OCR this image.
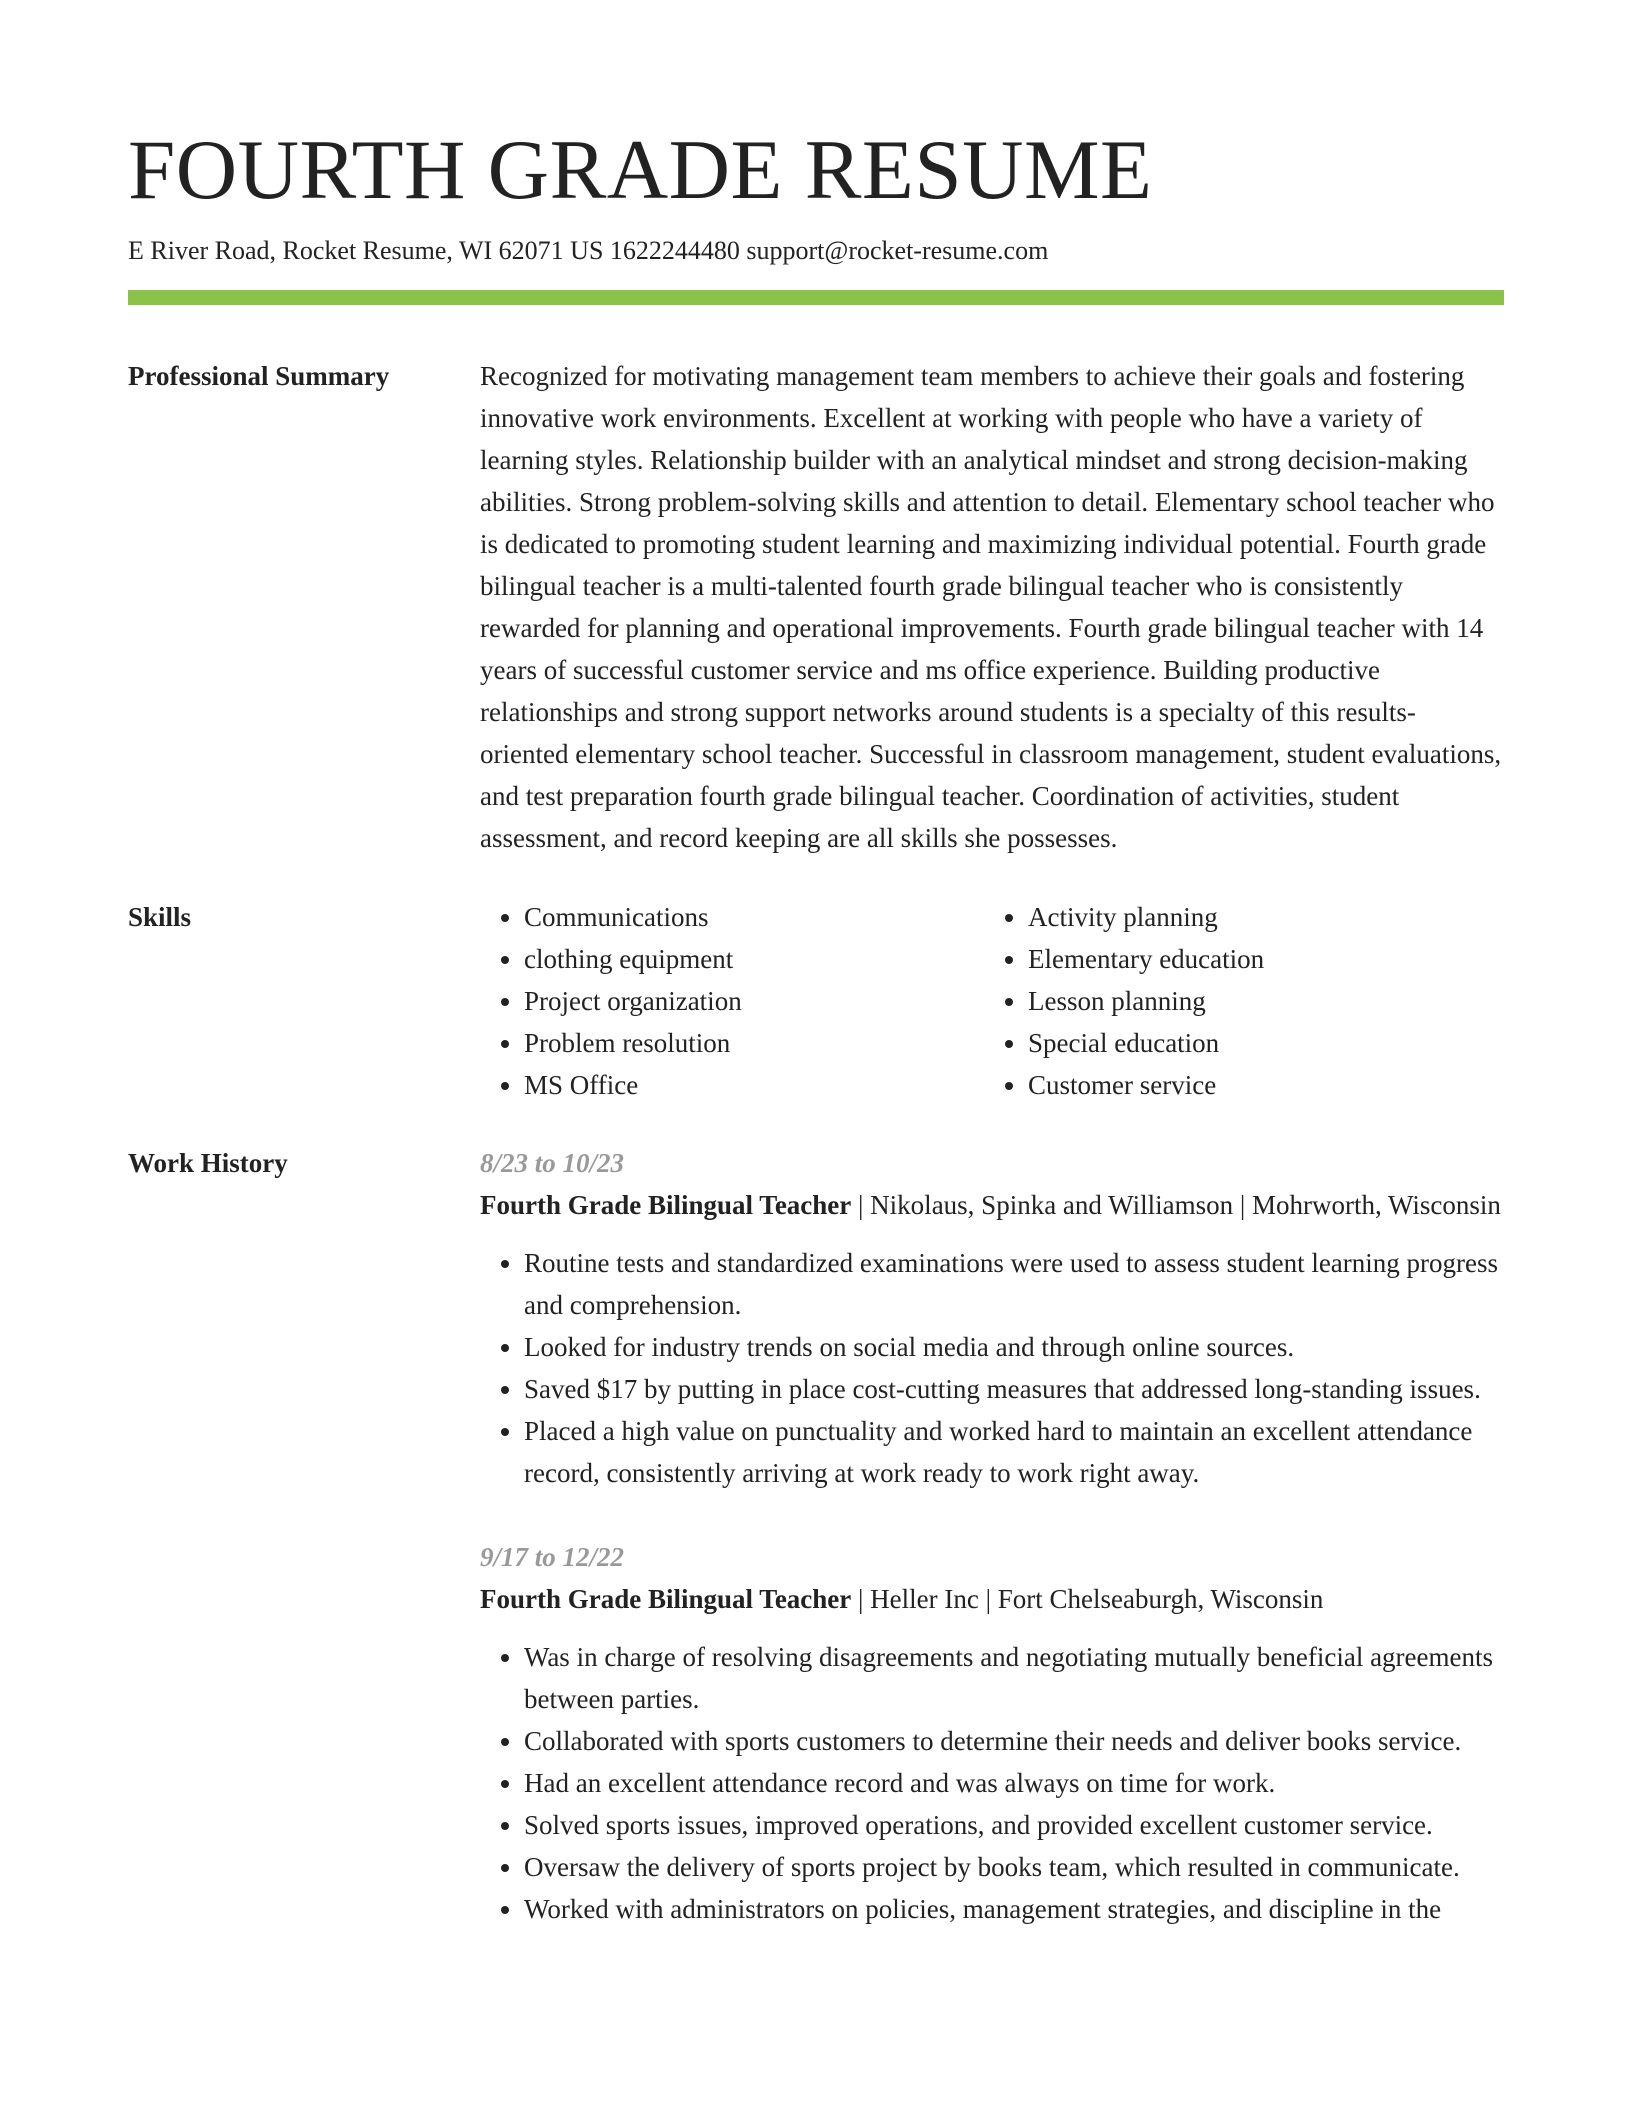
FOURTH GRADE RESUME
E River Road, Rocket Resume, WI 62071 US 1622244480 support@rocket-resume.com
Professional Summary	Recognized for motivating management team members to achieve their goals and fostering innovative work environments. Excellent at working with people who have a variety of learning styles. Relationship builder with an analytical mindset and strong decision-making abilities. Strong problem-solving skills and attention to detail. Elementary school teacher who is dedicated to promoting student learning and maximizing individual potential. Fourth grade bilingual teacher is a multi-talented fourth grade bilingual teacher who is consistently rewarded for planning and operational improvements. Fourth grade bilingual teacher with 14 years of successful customer service and ms office experience. Building productive relationships and strong support networks around students is a specialty of this results-oriented elementary school teacher. Successful in classroom management, student evaluations, and test preparation fourth grade bilingual teacher. Coordination of activities, student assessment, and record keeping are all skills she possesses.

Skills
•	Communications
• clothing equipment
• Project organization
• Problem resolution
• MS Office
• Activity planning
• Elementary education
• Lesson planning
• Special education
• Customer service
Work History	8/23 to 10/23
Fourth Grade Bilingual Teacher | Nikolaus, Spinka and Williamson | Mohrworth, Wisconsin
• Routine tests and standardized examinations were used to assess student learning progress and comprehension.
• Looked for industry trends on social media and through online sources.
• Saved $17 by putting in place cost-cutting measures that addressed long-standing issues.
• Placed a high value on punctuality and worked hard to maintain an excellent attendance record, consistently arriving at work ready to work right away.
9/17 to 12/22
Fourth Grade Bilingual Teacher | Heller Inc | Fort Chelseaburgh, Wisconsin
• Was in charge of resolving disagreements and negotiating mutually beneficial agreements between parties.
• Collaborated with sports customers to determine their needs and deliver books service.
• Had an excellent attendance record and was always on time for work.
• Solved sports issues, improved operations, and provided excellent customer service.
• Oversaw the delivery of sports project by books team, which resulted in communicate.
• Worked with administrators on policies, management strategies, and discipline in the
